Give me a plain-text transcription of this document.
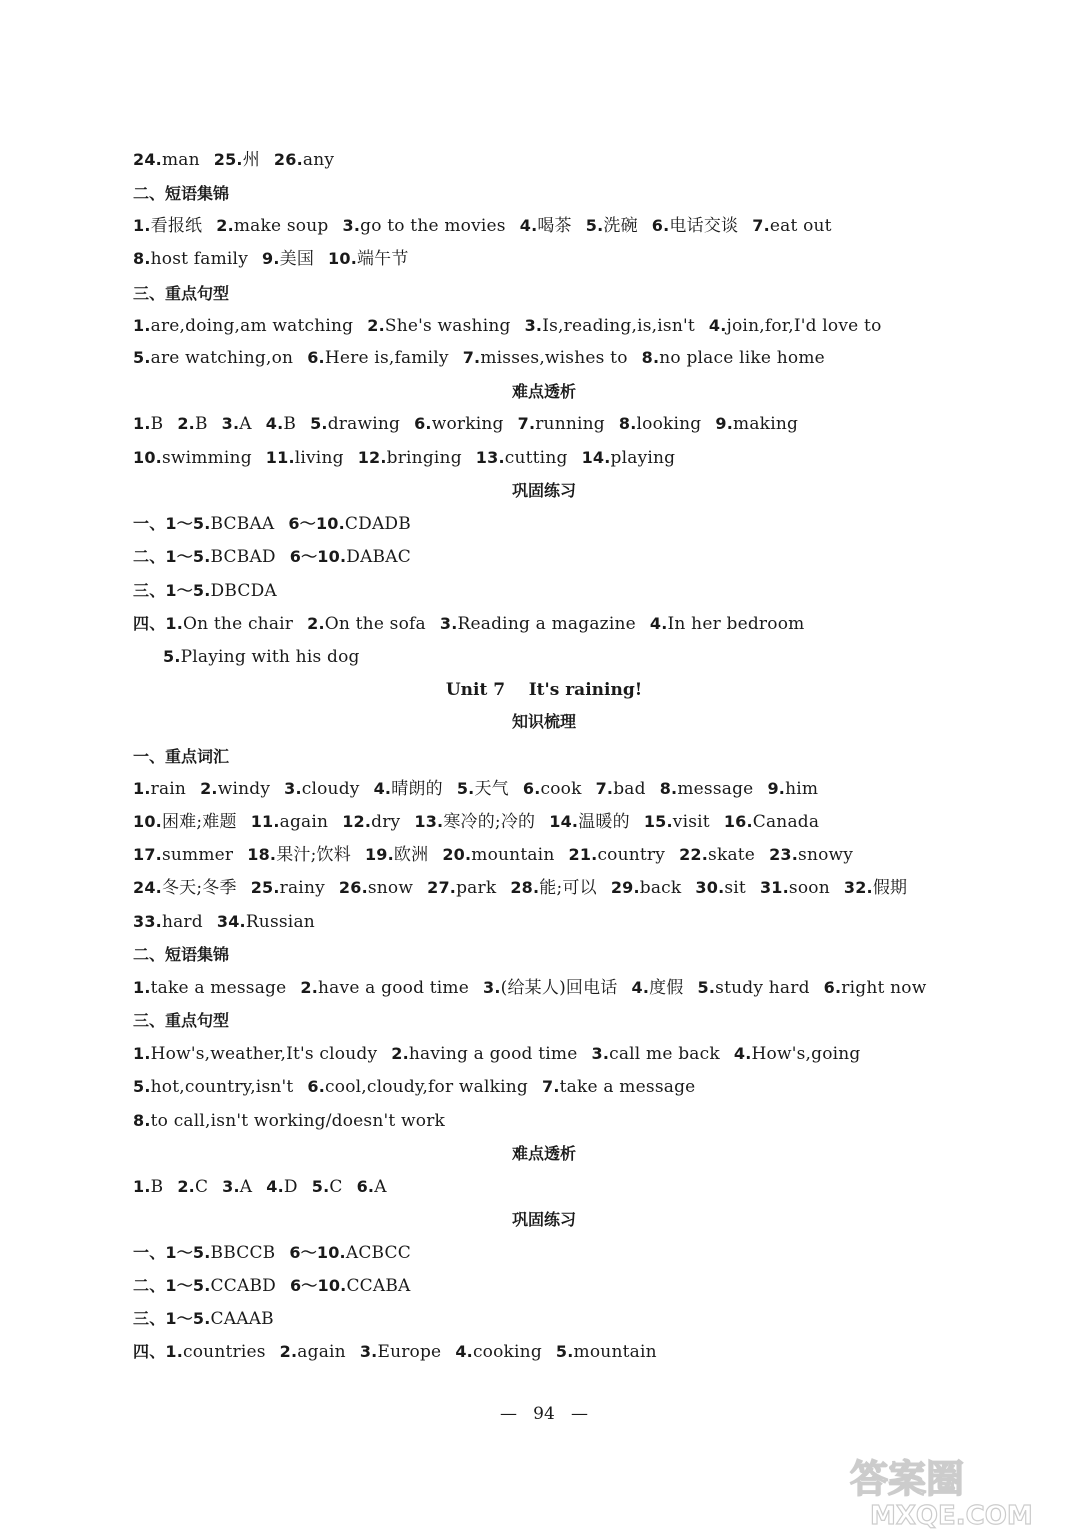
24.man 25.州 26.any
二、短语集锦
1.看报纸 2.make soup 3.go to the movies 4.喝茶 5.洗碗 6.电话交谈 7.eat out
8.host family 9.美国 10.端午节
三、重点句型
1.are,doing,am watching 2.She's washing 3.Is,reading,is,isn't 4.join,for,I'd love to
5.are watching,on 6.Here is,family 7.misses,wishes to 8.no place like home
难点透析
1.B 2.B 3.A 4.B 5.drawing 6.working 7.running 8.looking 9.making
10.swimming 11.living 12.bringing 13.cutting 14.playing
巩固练习
一、1～5.BCBAA 6～10.CDADB
二、1～5.BCBAD 6～10.DABAC
三、1～5.DBCDA
四、1.On the chair 2.On the sofa 3.Reading a magazine 4.In her bedroom
5.Playing with his dog
Unit 7    It's raining!
知识梳理
一、重点词汇
1.rain 2.windy 3.cloudy 4.晴朗的 5.天气 6.cook 7.bad 8.message 9.him
10.困难;难题 11.again 12.dry 13.寒冷的;冷的 14.温暖的 15.visit 16.Canada
17.summer 18.果汁;饮料 19.欧洲 20.mountain 21.country 22.skate 23.snowy
24.冬天;冬季 25.rainy 26.snow 27.park 28.能;可以 29.back 30.sit 31.soon 32.假期
33.hard 34.Russian
二、短语集锦
1.take a message 2.have a good time 3.(给某人)回电话 4.度假 5.study hard 6.right now
三、重点句型
1.How's,weather,It's cloudy 2.having a good time 3.call me back 4.How's,going
5.hot,country,isn't 6.cool,cloudy,for walking 7.take a message
8.to call,isn't working/doesn't work
难点透析
1.B 2.C 3.A 4.D 5.C 6.A
巩固练习
一、1～5.BBCCB 6～10.ACBCC
二、1～5.CCABD 6～10.CCABA
三、1～5.CAAAB
四、1.countries 2.again 3.Europe 4.cooking 5.mountain
— 94 —
答案圈
MXQE.COM
